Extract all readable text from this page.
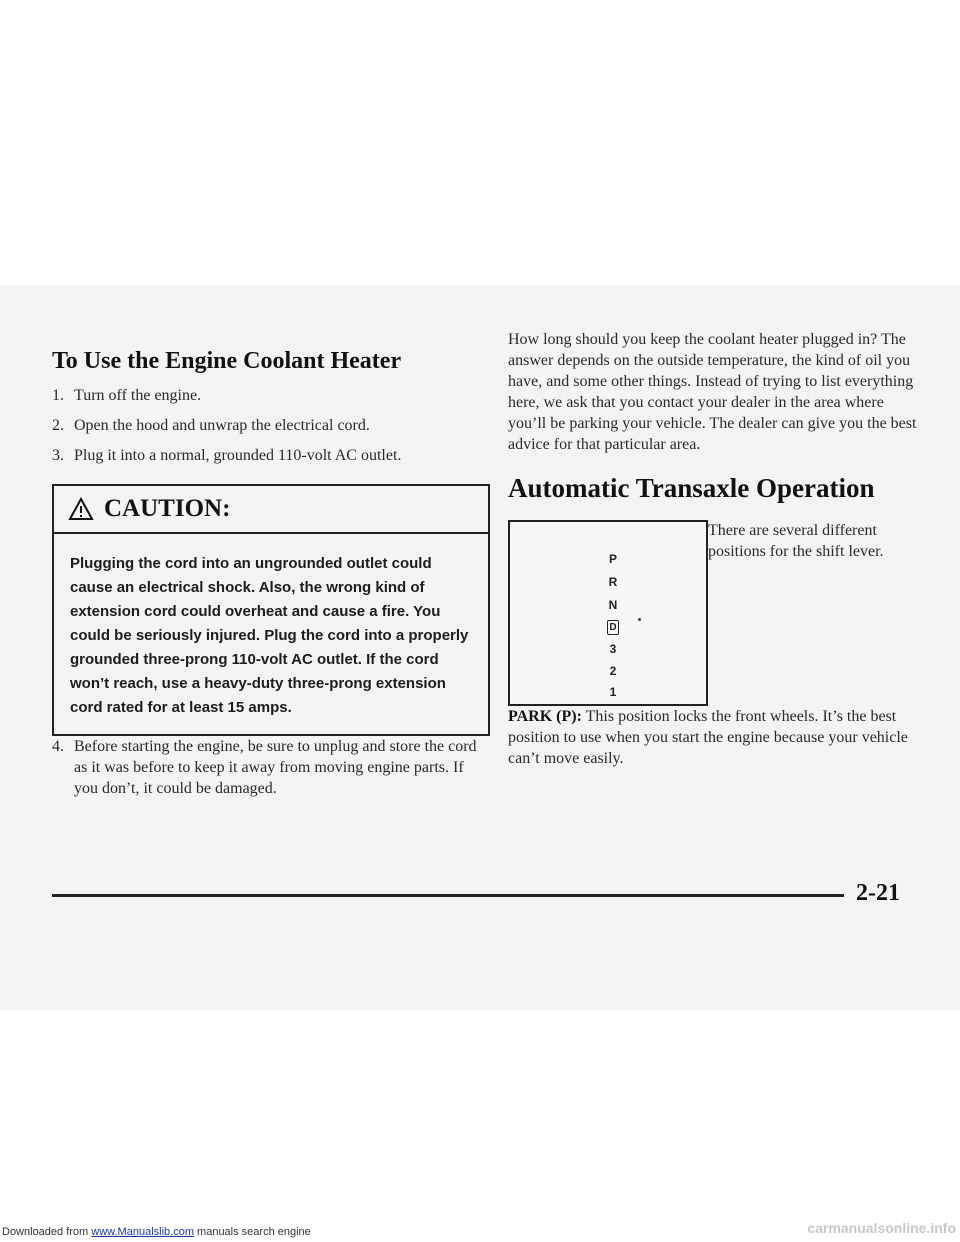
To Use the Engine Coolant Heater
1. Turn off the engine.
2. Open the hood and unwrap the electrical cord.
3. Plug it into a normal, grounded 110-volt AC outlet.
CAUTION:
Plugging the cord into an ungrounded outlet could cause an electrical shock. Also, the wrong kind of extension cord could overheat and cause a fire. You could be seriously injured. Plug the cord into a properly grounded three-prong 110-volt AC outlet. If the cord won’t reach, use a heavy-duty three-prong extension cord rated for at least 15 amps.
4. Before starting the engine, be sure to unplug and store the cord as it was before to keep it away from moving engine parts. If you don’t, it could be damaged.

How long should you keep the coolant heater plugged in? The answer depends on the outside temperature, the kind of oil you have, and some other things. Instead of trying to list everything here, we ask that you contact your dealer in the area where you’ll be parking your vehicle. The dealer can give you the best advice for that particular area.

Automatic Transaxle Operation
P
R
N
D
3
2
1

There are several different positions for the shift lever.

PARK (P): This position locks the front wheels. It’s the best position to use when you start the engine because your vehicle can’t move easily.

2-21
Downloaded from www.Manualslib.com manuals search engine	carmanualsonline.info
